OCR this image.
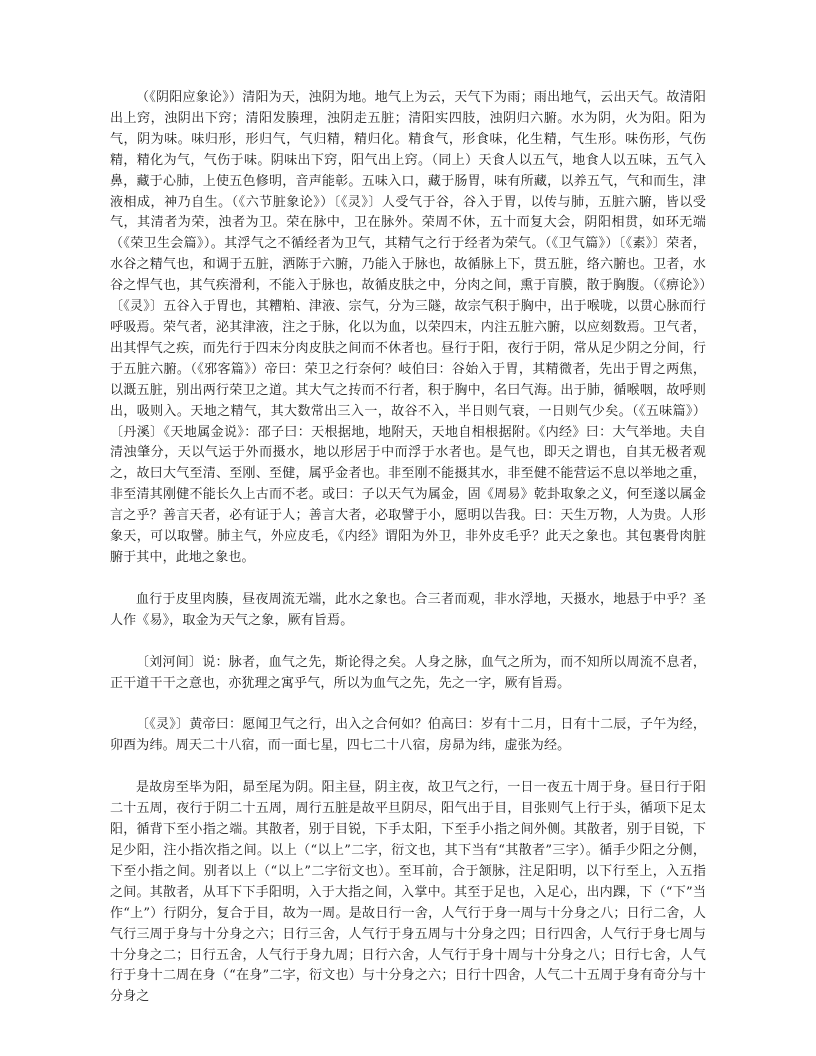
（《阴阳应象论》）清阳为天，浊阴为地。地气上为云，天气下为雨；雨出地气，云出天气。故清阳出上窍，浊阴出下窍；清阳发腠理，浊阴走五脏；清阳实四肢，浊阴归六腑。水为阴，火为阳。阳为气，阴为味。味归形，形归气，气归精，精归化。精食气，形食味，化生精，气生形。味伤形，气伤精，精化为气，气伤于味。阴味出下窍，阳气出上窍。（同上）天食人以五气，地食人以五味，五气入鼻，藏于心肺，上使五色修明，音声能彰。五味入口，藏于肠胃，味有所藏，以养五气，气和而生，津液相成，神乃自生。（《六节脏象论》）〔《灵》〕人受气于谷，谷入于胃，以传与肺，五脏六腑，皆以受气，其清者为荣，浊者为卫。荣在脉中，卫在脉外。荣周不休，五十而复大会，阴阳相贯，如环无端（《荣卫生会篇》）。其浮气之不循经者为卫气，其精气之行于经者为荣气。（《卫气篇》）〔《素》〕荣者，水谷之精气也，和调于五脏，洒陈于六腑，乃能入于脉也，故循脉上下，贯五脏，络六腑也。卫者，水谷之悍气也，其气疾滑利，不能入于脉也，故循皮肤之中，分肉之间，熏于肓膜，散于胸腹。（《痹论》）〔《灵》〕五谷入于胃也，其糟粕、津液、宗气，分为三隧，故宗气积于胸中，出于喉咙，以贯心脉而行呼吸焉。荣气者，泌其津液，注之于脉，化以为血，以荣四末，内注五脏六腑，以应刻数焉。卫气者，出其悍气之疾，而先行于四末分肉皮肤之间而不休者也。昼行于阳，夜行于阴，常从足少阴之分间，行于五脏六腑。（《邪客篇》）帝曰：荣卫之行奈何？岐伯曰：谷始入于胃，其精微者，先出于胃之两焦，以溉五脏，别出两行荣卫之道。其大气之抟而不行者，积于胸中，名曰气海。出于肺，循喉咽，故呼则出，吸则入。天地之精气，其大数常出三入一，故谷不入，半日则气衰，一日则气少矣。（《五味篇》）〔丹溪〕《天地属金说》：邵子曰：天根据地，地附天，天地自相根据附。《内经》曰：大气举地。夫自清浊肇分，天以气运于外而摄水，地以形居于中而浮于水者也。是气也，即天之谓也，自其无极者观之，故曰大气至清、至刚、至健，属乎金者也。非至刚不能摄其水，非至健不能营运不息以举地之重，非至清其刚健不能长久上古而不老。或曰：子以天气为属金，固《周易》乾卦取象之义，何至遂以属金言之乎？善言天者，必有证于人；善言大者，必取譬于小，愿明以告我。曰：天生万物，人为贵。人形象天，可以取譬。肺主气，外应皮毛，《内经》谓阳为外卫，非外皮毛乎？此天之象也。其包裹骨肉脏腑于其中，此地之象也。

血行于皮里肉腠，昼夜周流无端，此水之象也。合三者而观，非水浮地，天摄水，地悬于中乎？圣人作《易》，取金为天气之象，厥有旨焉。

〔刘河间〕说：脉者，血气之先，斯论得之矣。人身之脉，血气之所为，而不知所以周流不息者，正干道干干之意也，亦犹理之寓乎气，所以为血气之先，先之一字，厥有旨焉。

〔《灵》〕黄帝曰：愿闻卫气之行，出入之合何如？伯高曰：岁有十二月，日有十二辰，子午为经，卯酉为纬。周天二十八宿，而一面七星，四七二十八宿，房昴为纬，虚张为经。

是故房至毕为阳，昴至尾为阴。阳主昼，阴主夜，故卫气之行，一日一夜五十周于身。昼日行于阳二十五周，夜行于阴二十五周，周行五脏是故平旦阴尽，阳气出于目，目张则气上行于头，循项下足太阳，循背下至小指之端。其散者，别于目锐，下手太阳，下至手小指之间外侧。其散者，别于目锐，下足少阳，注小指次指之间。以上（“以上”二字，衍文也，其下当有“其散者”三字）。循手少阳之分侧，下至小指之间。别者以上（“以上”二字衍文也）。至耳前，合于颔脉，注足阳明，以下行至上，入五指之间。其散者，从耳下下手阳明，入于大指之间，入掌中。其至于足也，入足心，出内踝，下（“下”当作“上”）行阴分，复合于目，故为一周。是故日行一舍，人气行于身一周与十分身之八；日行二舍，人气行三周于身与十分身之六；日行三舍，人气行于身五周与十分身之四；日行四舍，人气行于身七周与十分身之二；日行五舍，人气行于身九周；日行六舍，人气行于身十周与十分身之八；日行七舍，人气行于身十二周在身（“在身”二字，衍文也）与十分身之六；日行十四舍，人气二十五周于身有奇分与十分身之
